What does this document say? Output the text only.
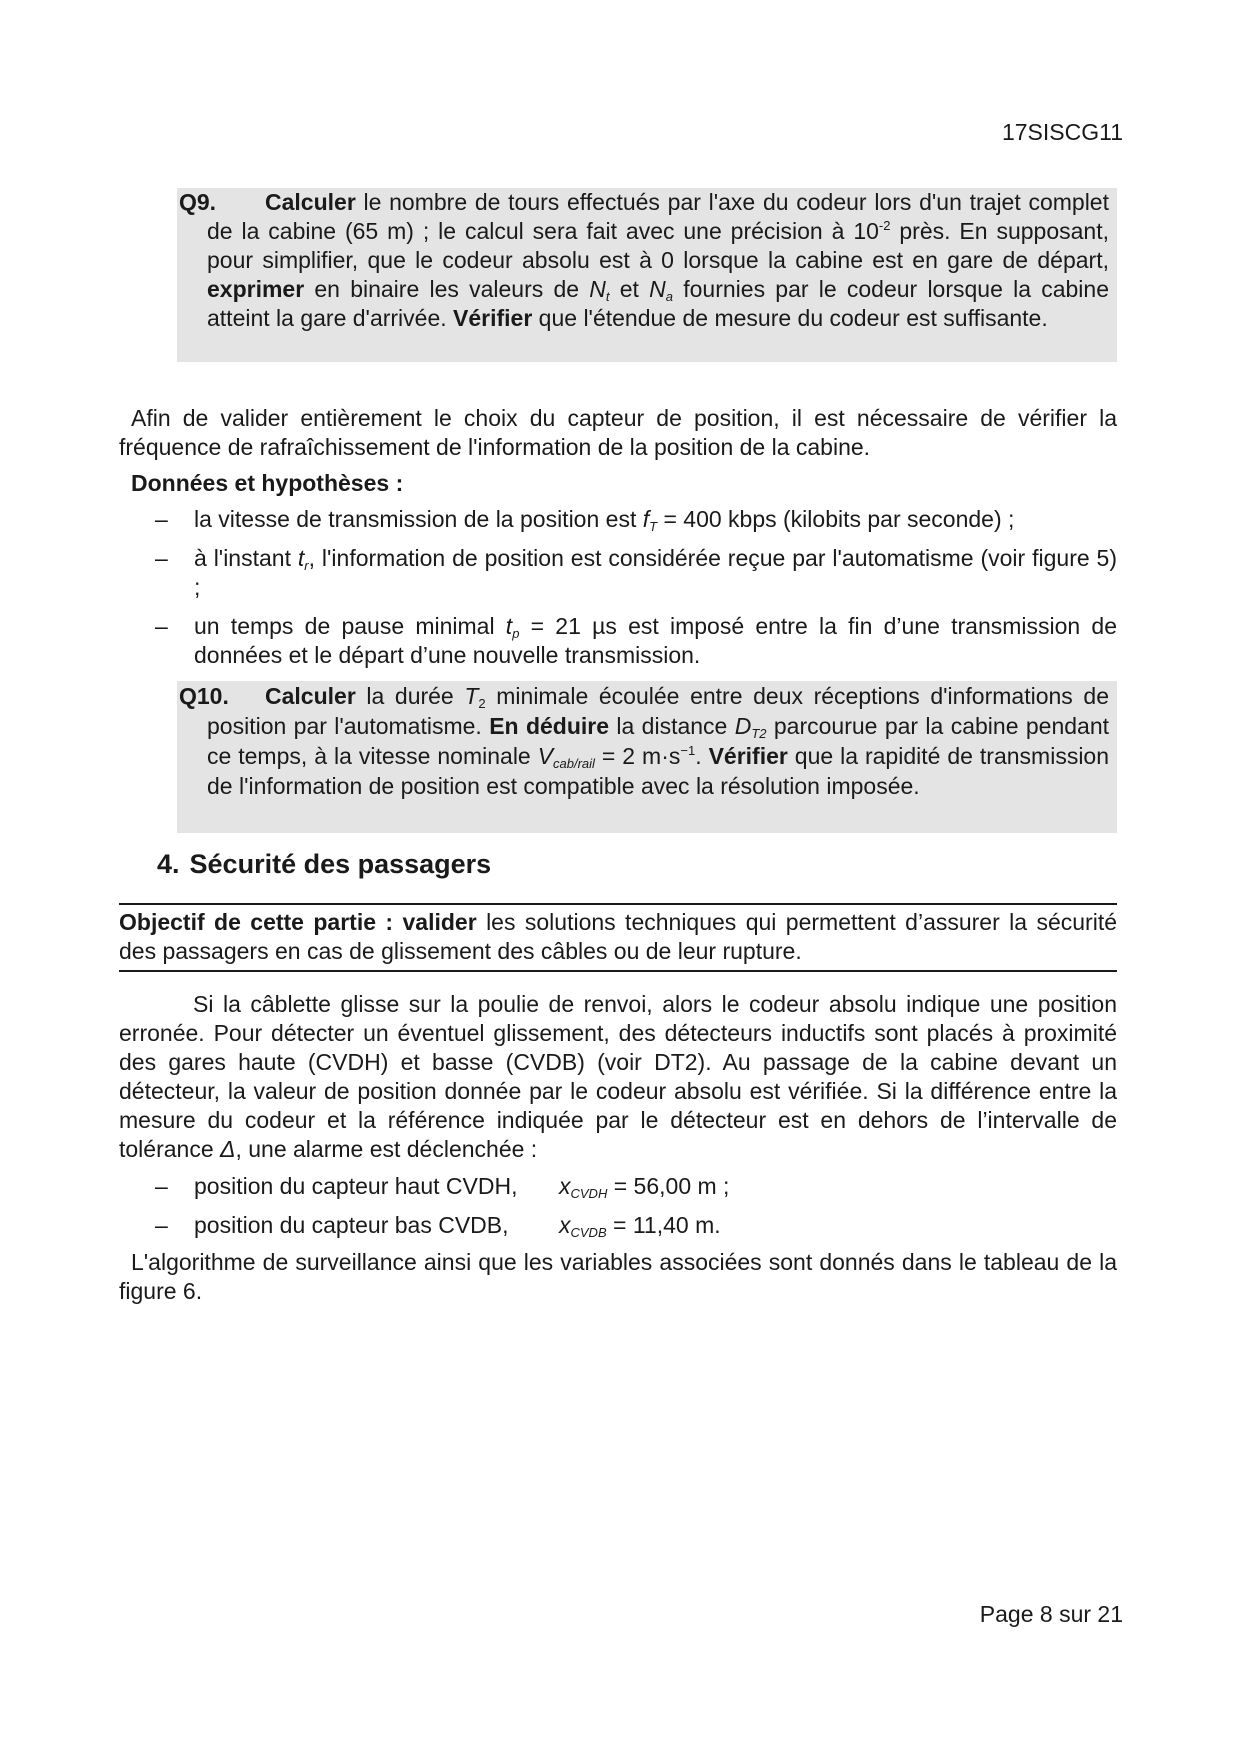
17SISCG11
Q9. Calculer le nombre de tours effectués par l'axe du codeur lors d'un trajet complet de la cabine (65 m) ; le calcul sera fait avec une précision à $10^{-2}$ près. En supposant, pour simplifier, que le codeur absolu est à 0 lorsque la cabine est en gare de départ, exprimer en binaire les valeurs de $N_t$ et $N_a$ fournies par le codeur lorsque la cabine atteint la gare d'arrivée. Vérifier que l'étendue de mesure du codeur est suffisante.
Afin de valider entièrement le choix du capteur de position, il est nécessaire de vérifier la fréquence de rafraîchissement de l'information de la position de la cabine.
Données et hypothèses :
– la vitesse de transmission de la position est $f_T = 400$ kbps (kilobits par seconde) ;
– à l'instant $t_r$, l'information de position est considérée reçue par l'automatisme (voir figure 5) ;
– un temps de pause minimal $t_p = 21$ µs est imposé entre la fin d’une transmission de données et le départ d’une nouvelle transmission.
Q10. Calculer la durée $T_2$ minimale écoulée entre deux réceptions d'informations de position par l'automatisme. En déduire la distance $D_{T2}$ parcourue par la cabine pendant ce temps, à la vitesse nominale $V_{cab/rail} = 2$ $m\cdot s^{-1}$. Vérifier que la rapidité de transmission de l'information de position est compatible avec la résolution imposée.
4. Sécurité des passagers
Objectif de cette partie : valider les solutions techniques qui permettent d’assurer la sécurité des passagers en cas de glissement des câbles ou de leur rupture.
Si la câblette glisse sur la poulie de renvoi, alors le codeur absolu indique une position erronée. Pour détecter un éventuel glissement, des détecteurs inductifs sont placés à proximité des gares haute (CVDH) et basse (CVDB) (voir DT2). Au passage de la cabine devant un détecteur, la valeur de position donnée par le codeur absolu est vérifiée. Si la différence entre la mesure du codeur et la référence indiquée par le détecteur est en dehors de l’intervalle de tolérance Δ, une alarme est déclenchée :
– position du capteur haut CVDH, $x_{CVDH} = 56,00$ m ;
– position du capteur bas CVDB, $x_{CVDB} = 11,40$ m.
L'algorithme de surveillance ainsi que les variables associées sont donnés dans le tableau de la figure 6.
Page 8 sur 21
